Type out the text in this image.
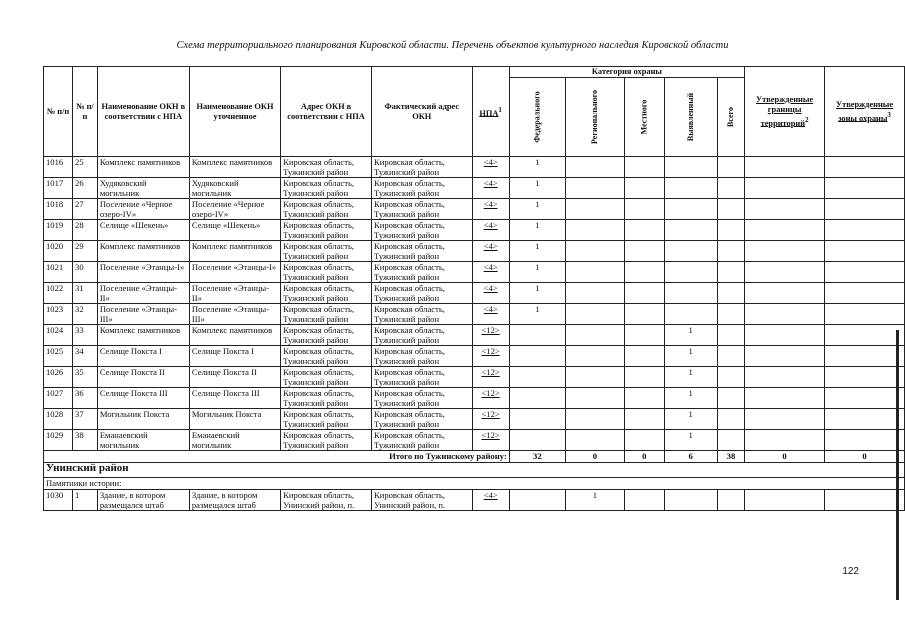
Схема территориального планирования Кировской области. Перечень объектов культурного наследия Кировской области
№ п/п	№ п/п	Наименование ОКН в соответствии с НПА	Наименование ОКН уточненное	Адрес ОКН в соответствии с НПА	Фактический адрес ОКН	НПА$^1$	Категория охраны					Утвержденные границы территорий$^2$	Утвержденные зоны охраны$^3$
							Федерального	Регионального	Местного	Выявленный	Всего		
1016	25	Комплекс памятников	Комплекс памятников	Кировская область, Тужинский район	Кировская область, Тужинский район	<4>	1						
1017	26	Худяковский могильник	Худяковский могильник	Кировская область, Тужинский район	Кировская область, Тужинский район	<4>	1						
1018	27	Поселение «Черное озеро-IV»	Поселение «Черное озеро-IV»	Кировская область, Тужинский район	Кировская область, Тужинский район	<4>	1						
1019	28	Селище «Шекень»	Селище «Шекень»	Кировская область, Тужинский район	Кировская область, Тужинский район	<4>	1						
1020	29	Комплекс памятников	Комплекс памятников	Кировская область, Тужинский район	Кировская область, Тужинский район	<4>	1						
1021	30	Поселение «Этанцы-I»	Поселение «Этанцы-I»	Кировская область, Тужинский район	Кировская область, Тужинский район	<4>	1						
1022	31	Поселение «Этанцы-II»	Поселение «Этанцы-II»	Кировская область, Тужинский район	Кировская область, Тужинский район	<4>	1						
1023	32	Поселение «Этанцы-III»	Поселение «Этанцы-III»	Кировская область, Тужинский район	Кировская область, Тужинский район	<4>	1						
1024	33	Комплекс памятников	Комплекс памятников	Кировская область, Тужинский район	Кировская область, Тужинский район	<12>				1			
1025	34	Селище Покста I	Селище Покста I	Кировская область, Тужинский район	Кировская область, Тужинский район	<12>				1			
1026	35	Селище Покста II	Селище Покста II	Кировская область, Тужинский район	Кировская область, Тужинский район	<12>				1			
1027	36	Селище Покста III	Селище Покста III	Кировская область, Тужинский район	Кировская область, Тужинский район	<12>				1			
1028	37	Могильник Покста	Могильник Покста	Кировская область, Тужинский район	Кировская область, Тужинский район	<12>				1			
1029	38	Еманаевский могильник	Еманаевский могильник	Кировская область, Тужинский район	Кировская область, Тужинский район	<12>				1			
Итого по Тужинскому району:							32	0	0	6	38	0	0
Унинский район													
Памятники истории:													
1030	1	Здание, в котором размещался штаб	Здание, в котором размещался штаб	Кировская область, Унинский район, п.	Кировская область, Унинский район, п.	<4>		1					
122
